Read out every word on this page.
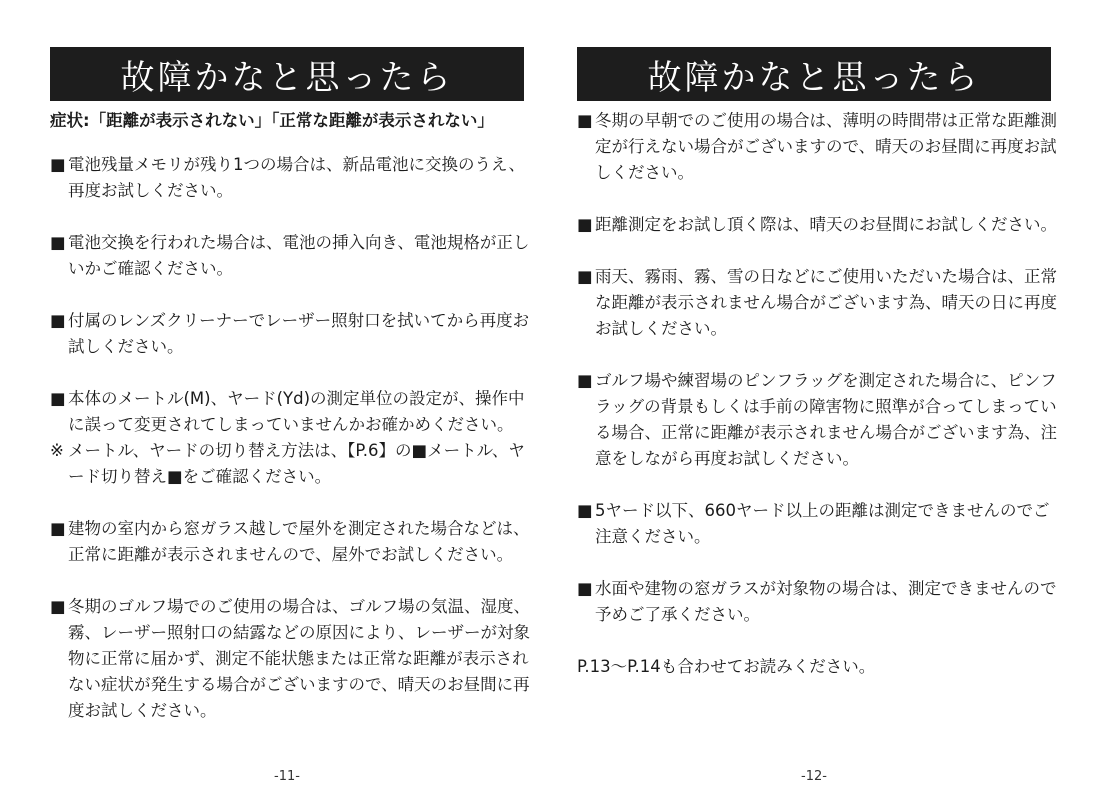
故障かなと思ったら

症状:「距離が表示されない」「正常な距離が表示されない」

■ 電池残量メモリが残り1つの場合は、新品電池に交換のうえ、再度お試しください。
■ 電池交換を行われた場合は、電池の挿入向き、電池規格が正しいかご確認ください。
■ 付属のレンズクリーナーでレーザー照射口を拭いてから再度お試しください。
■ 本体のメートル(M)、ヤード(Yd)の測定単位の設定が、操作中に誤って変更されてしまっていませんかお確かめください。
※ メートル、ヤードの切り替え方法は、【P.6】の■メートル、ヤード切り替え■をご確認ください。
■ 建物の室内から窓ガラス越しで屋外を測定された場合などは、正常に距離が表示されませんので、屋外でお試しください。
■ 冬期のゴルフ場でのご使用の場合は、ゴルフ場の気温、湿度、霧、レーザー照射口の結露などの原因により、レーザーが対象物に正常に届かず、測定不能状態または正常な距離が表示されない症状が発生する場合がございますので、晴天のお昼間に再度お試しください。
-11-
故障かなと思ったら
■ 冬期の早朝でのご使用の場合は、薄明の時間帯は正常な距離測定が行えない場合がございますので、晴天のお昼間に再度お試しください。
■ 距離測定をお試し頂く際は、晴天のお昼間にお試しください。
■ 雨天、霧雨、霧、雪の日などにご使用いただいた場合は、正常な距離が表示されません場合がございます為、晴天の日に再度お試しください。
■ ゴルフ場や練習場のピンフラッグを測定された場合に、ピンフラッグの背景もしくは手前の障害物に照準が合ってしまっている場合、正常に距離が表示されません場合がございます為、注意をしながら再度お試しください。
■ 5ヤード以下、660ヤード以上の距離は測定できませんのでご注意ください。
■ 水面や建物の窓ガラスが対象物の場合は、測定できませんので予めご了承ください。

P.13〜P.14も合わせてお読みください。

-12-
